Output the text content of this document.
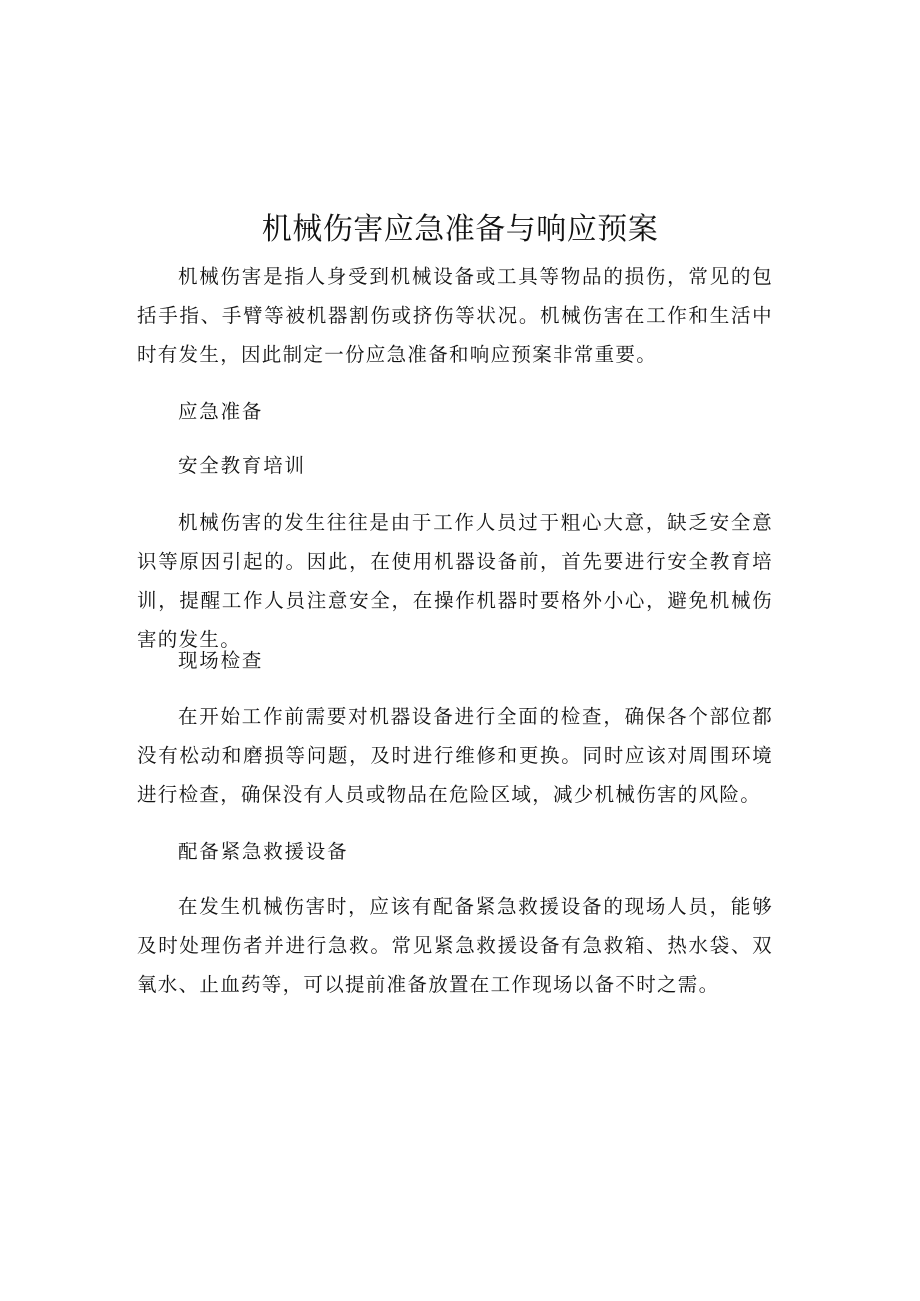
机械伤害应急准备与响应预案

机械伤害是指人身受到机械设备或工具等物品的损伤，常见的包括手指、手臂等被机器割伤或挤伤等状况。机械伤害在工作和生活中时有发生，因此制定一份应急准备和响应预案非常重要。

应急准备
安全教育培训

机械伤害的发生往往是由于工作人员过于粗心大意，缺乏安全意识等原因引起的。因此，在使用机器设备前，首先要进行安全教育培训，提醒工作人员注意安全，在操作机器时要格外小心，避免机械伤害的发生。

现场检查

在开始工作前需要对机器设备进行全面的检查，确保各个部位都没有松动和磨损等问题，及时进行维修和更换。同时应该对周围环境进行检查，确保没有人员或物品在危险区域，减少机械伤害的风险。

配备紧急救援设备

在发生机械伤害时，应该有配备紧急救援设备的现场人员，能够及时处理伤者并进行急救。常见紧急救援设备有急救箱、热水袋、双氧水、止血药等，可以提前准备放置在工作现场以备不时之需。
